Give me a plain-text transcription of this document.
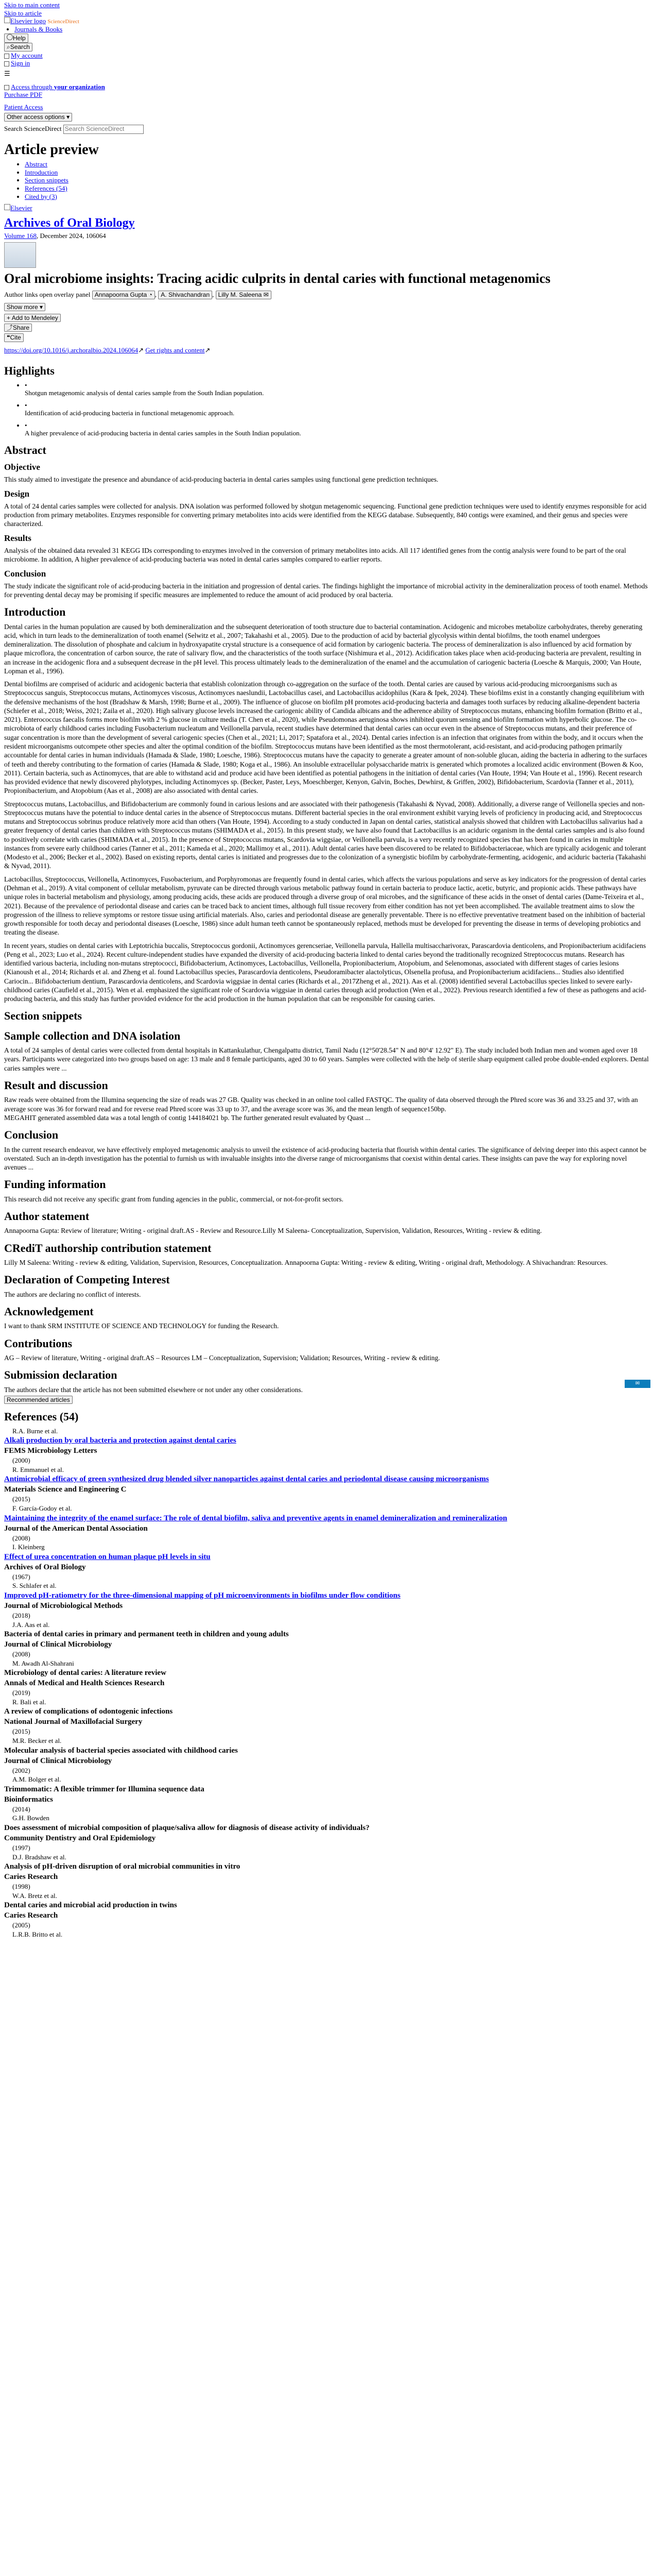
Skip to main content
Skip to article
Elsevier logo ScienceDirect
• Journals & Books
Help
⌕Search
My account
Sign in
☰
Access through your organization
Purchase PDF
Patient Access
Other access options ▾
Search ScienceDirect Search ScienceDirect
Article preview
• Abstract
• Introduction
• Section snippets
• References (54)
• Cited by (3)
Elsevier
Archives of Oral Biology
Volume 168, December 2024, 106064
Oral microbiome insights: Tracing acidic culprits in dental caries with functional metagenomics
Author links open overlay panel Annapoorna Gupta ◔ , A. Shivachandran , Lilly M. Saleena ✉
Show more ▾
+ Add to Mendeley
⤴Share
❝Cite
https://doi.org/10.1016/j.archoralbio.2024.106064↗ Get rights and content↗
Highlights
• •
Shotgun metagenomic analysis of dental caries sample from the South Indian population.
• •
Identification of acid-producing bacteria in functional metagenomic approach.
• •
A higher prevalence of acid-producing bacteria in dental caries samples in the South Indian population.
Abstract
Objective

This study aimed to investigate the presence and abundance of acid-producing bacteria in dental caries samples using functional gene prediction techniques.

Design

A total of 24 dental caries samples were collected for analysis. DNA isolation was performed followed by shotgun metagenomic sequencing. Functional gene prediction techniques were used to identify enzymes responsible for acid production from primary metabolites. Enzymes responsible for converting primary metabolites into acids were identified from the KEGG database. Subsequently, 840 contigs were examined, and their genus and species were characterized.

Results

Analysis of the obtained data revealed 31 KEGG IDs corresponding to enzymes involved in the conversion of primary metabolites into acids. All 117 identified genes from the contig analysis were found to be part of the oral microbiome. In addition, A higher prevalence of acid-producing bacteria was noted in dental caries samples compared to earlier reports.

Conclusion

The study indicate the significant role of acid-producing bacteria in the initiation and progression of dental caries. The findings highlight the importance of microbial activity in the demineralization process of tooth enamel. Methods for preventing dental decay may be promising if specific measures are implemented to reduce the amount of acid produced by oral bacteria.

Introduction

Dental caries in the human population are caused by both demineralization and the subsequent deterioration of tooth structure due to bacterial contamination. Acidogenic and microbes metabolize carbohydrates, thereby generating acid, which in turn leads to the demineralization of tooth enamel (Selwitz et al., 2007; Takahashi et al., 2005). Due to the production of acid by bacterial glycolysis within dental biofilms, the tooth enamel undergoes demineralization. The dissolution of phosphate and calcium in hydroxyapatite crystal structure is a consequence of acid formation by cariogenic bacteria. The process of demineralization is also influenced by acid formation by plaque microflora, the concentration of carbon source, the rate of salivary flow, and the characteristics of the tooth surface (Nishimura et al., 2012). Acidification takes place when acid-producing bacteria are prevalent, resulting in an increase in the acidogenic flora and a subsequent decrease in the pH level. This process ultimately leads to the demineralization of the enamel and the accumulation of cariogenic bacteria (Loesche & Marquis, 2000; Van Houte, Lopman et al., 1996).

Dental biofilms are comprised of aciduric and acidogenic bacteria that establish colonization through co-aggregation on the surface of the tooth. Dental caries are caused by various acid-producing microorganisms such as Streptococcus sanguis, Streptococcus mutans, Actinomyces viscosus, Actinomyces naeslundii, Lactobacillus casei, and Lactobacillus acidophilus (Kara & Ipek, 2024). These biofilms exist in a constantly changing equilibrium with the defensive mechanisms of the host (Bradshaw & Marsh, 1998; Burne et al., 2009). The influence of glucose on biofilm pH promotes acid-producing bacteria and damages tooth surfaces by reducing alkaline-dependent bacteria (Schiefer et al., 2018; Weiss, 2021; Zaila et al., 2020). High salivary glucose levels increased the cariogenic ability of Candida albicans and the adherence ability of Streptococcus mutans, enhancing biofilm formation (Britto et al., 2021). Enterococcus faecalis forms more biofilm with 2 % glucose in culture media (T. Chen et al., 2020), while Pseudomonas aeruginosa shows inhibited quorum sensing and biofilm formation with hyperbolic glucose. The co-microbiota of early childhood caries including Fusobacterium nucleatum and Veillonella parvula, recent studies have determined that dental caries can occur even in the absence of Streptococcus mutans, and their preference of sugar concentration is more than the development of several cariogenic species (Chen et al., 2021; Li, 2017; Spatafora et al., 2024). Dental caries infection is an infection that originates from within the body, and it occurs when the resident microorganisms outcompete other species and alter the optimal condition of the biofilm. Streptococcus mutans have been identified as the most thermotolerant, acid-resistant, and acid-producing pathogen primarily accountable for dental caries in human individuals (Hamada & Slade, 1980; Loesche, 1986). Streptococcus mutans have the capacity to generate a greater amount of non-soluble glucan, aiding the bacteria in adhering to the surfaces of teeth and thereby contributing to the formation of caries (Hamada & Slade, 1980; Koga et al., 1986). An insoluble extracellular polysaccharide matrix is generated which promotes a localized acidic environment (Bowen & Koo, 2011). Certain bacteria, such as Actinomyces, that are able to withstand acid and produce acid have been identified as potential pathogens in the initiation of dental caries (Van Houte, 1994; Van Houte et al., 1996). Recent research has provided evidence that newly discovered phylotypes, including Actinomyces sp. (Becker, Paster, Leys, Moeschberger, Kenyon, Galvin, Boches, Dewhirst, & Griffen, 2002), Bifidobacterium, Scardovia (Tanner et al., 2011), Propionibacterium, and Atopobium (Aas et al., 2008) are also associated with dental caries.

Streptococcus mutans, Lactobacillus, and Bifidobacterium are commonly found in carious lesions and are associated with their pathogenesis (Takahashi & Nyvad, 2008). Additionally, a diverse range of Veillonella species and non-Streptococcus mutans have the potential to induce dental caries in the absence of Streptococcus mutans. Different bacterial species in the oral environment exhibit varying levels of proficiency in producing acid, and Streptococcus mutans and Streptococcus sobrinus produce relatively more acid than others (Van Houte, 1994). According to a study conducted in Japan on dental caries, statistical analysis showed that children with Lactobacillus salivarius had a greater frequency of dental caries than children with Streptococcus mutans (SHIMADA et al., 2015). In this present study, we have also found that Lactobacillus is an aciduric organism in the dental caries samples and is also found to positively correlate with caries (SHIMADA et al., 2015). In the presence of Streptococcus mutans, Scardovia wiggsiae, or Veillonella parvula, is a very recently recognized species that has been found in caries in multiple instances from severe early childhood caries (Tanner et al., 2011; Kameda et al., 2020; Mallimoy et al., 2011). Adult dental caries have been discovered to be related to Bifidobacteriaceae, which are typically acidogenic and tolerant (Modesto et al., 2006; Becker et al., 2002). Based on existing reports, dental caries is initiated and progresses due to the colonization of a synergistic biofilm by carbohydrate-fermenting, acidogenic, and aciduric bacteria (Takahashi & Nyvad, 2011).

Lactobacillus, Streptococcus, Veillonella, Actinomyces, Fusobacterium, and Porphyromonas are frequently found in dental caries, which affects the various populations and serve as key indicators for the progression of dental caries (Dehman et al., 2019). A vital component of cellular metabolism, pyruvate can be directed through various metabolic pathway found in certain bacteria to produce lactic, acetic, butyric, and propionic acids. These pathways have unique roles in bacterial metabolism and physiology, among producing acids, these acids are produced through a diverse group of oral microbes, and the significance of these acids in the onset of dental caries (Dame-Teixeira et al., 2021). Because of the prevalence of periodontal disease and caries can be traced back to ancient times, although full tissue recovery from either condition has not yet been accomplished. The available treatment aims to slow the progression of the illness to relieve symptoms or restore tissue using artificial materials. Also, caries and periodontal disease are generally preventable. There is no effective preventative treatment based on the inhibition of bacterial growth responsible for tooth decay and periodontal diseases (Loesche, 1986) since adult human teeth cannot be spontaneously replaced, methods must be developed for preventing the disease in terms of developing probiotics and treating the disease.

In recent years, studies on dental caries with Leptotrichia buccalis, Streptococcus gordonii, Actinomyces gerencseriae, Veillonella parvula, Hallella multisaccharivorax, Parascardovia denticolens, and Propionibacterium acidifaciens (Peng et al., 2023; Luo et al., 2024). Recent culture-independent studies have expanded the diversity of acid-producing bacteria linked to dental caries beyond the traditionally recognized Streptococcus mutans. Research has identified various bacteria, including non-mutans streptococci, Bifidobacterium, Actinomyces, Lactobacillus, Veillonella, Propionibacterium, Atopobium, and Selenomonas, associated with different stages of caries lesions (Kianoush et al., 2014; Richards et al. and Zheng et al. found Lactobacillus species, Parascardovia denticolens, Pseudoramibacter alactolyticus, Olsenella profusa, and Propionibacterium acidifaciens... Studies also identified Cariocin... Bifidobacterium dentium, Parascardovia denticolens, and Scardovia wiggsiae in dental caries (Richards et al., 2017Zheng et al., 2021). Aas et al. (2008) identified several Lactobacillus species linked to severe early-childhood caries (Caufield et al., 2015). Wen et al. emphasized the significant role of Scardovia wiggsiae in dental caries through acid production (Wen et al., 2022). Previous research identified a few of these as pathogens and acid-producing bacteria, and this study has further provided evidence for the acid production in the human population that can be responsible for causing caries.

Section snippets
Sample collection and DNA isolation

A total of 24 samples of dental caries were collected from dental hospitals in Kattankulathur, Chengalpattu district, Tamil Nadu (12°50'28.54" N and 80°4' 12.92" E). The study included both Indian men and women aged over 18 years. Participants were categorized into two groups based on age: 13 male and 8 female participants, aged 30 to 60 years. Samples were collected with the help of sterile sharp equipment called probe double-ended explorers. Dental caries samples were ...

Result and discussion

Raw reads were obtained from the Illumina sequencing the size of reads was 27 GB. Quality was checked in an online tool called FASTQC. The quality of data observed through the Phred score was 36 and 33.25 and 37, with an average score was 36 for forward read and for reverse read Phred score was 33 up to 37, and the average score was 36, and the mean length of sequence150bp.
MEGAHIT generated assembled data was a total length of contig 144184021 bp. The further generated result evaluated by Quast ...

Conclusion

In the current research endeavor, we have effectively employed metagenomic analysis to unveil the existence of acid-producing bacteria that flourish within dental caries. The significance of delving deeper into this aspect cannot be overstated. Such an in-depth investigation has the potential to furnish us with invaluable insights into the diverse range of microorganisms that coexist within dental caries. These insights can pave the way for exploring novel avenues ...

Funding information

This research did not receive any specific grant from funding agencies in the public, commercial, or not-for-profit sectors.

Author statement

Annapoorna Gupta: Review of literature; Writing - original draft.AS - Review and Resource.Lilly M Saleena- Conceptualization, Supervision, Validation, Resources, Writing - review & editing.

CRediT authorship contribution statement

Lilly M Saleena: Writing - review & editing, Validation, Supervision, Resources, Conceptualization. Annapoorna Gupta: Writing - review & editing, Writing - original draft, Methodology. A Shivachandran: Resources.

Declaration of Competing Interest

The authors are declaring no conflict of interests.

Acknowledgement

I want to thank SRM INSTITUTE OF SCIENCE AND TECHNOLOGY for funding the Research.

Contributions

AG – Review of literature, Writing - original draft.AS – Resources LM – Conceptualization, Supervision; Validation; Resources, Writing - review & editing.

Submission declaration

The authors declare that the article has not been submitted elsewhere or not under any other considerations.

Recommended articles
References (54)
R.A. Burne et al.
Alkali production by oral bacteria and protection against dental caries
FEMS Microbiology Letters
(2000)
R. Emmanuel et al.
Antimicrobial efficacy of green synthesized drug blended silver nanoparticles against dental caries and periodontal disease causing microorganisms
Materials Science and Engineering C
(2015)
F. García-Godoy et al.
Maintaining the integrity of the enamel surface: The role of dental biofilm, saliva and preventive agents in enamel demineralization and remineralization
Journal of the American Dental Association
(2008)
I. Kleinberg
Effect of urea concentration on human plaque pH levels in situ
Archives of Oral Biology
(1967)
S. Schlafer et al.
Improved pH-ratiometry for the three-dimensional mapping of pH microenvironments in biofilms under flow conditions
Journal of Microbiological Methods
(2018)
J.A. Aas et al.
Bacteria of dental caries in primary and permanent teeth in children and young adults
Journal of Clinical Microbiology
(2008)
M. Awadh Al-Shahrani
Microbiology of dental caries: A literature review
Annals of Medical and Health Sciences Research
(2019)
R. Bali et al.
A review of complications of odontogenic infections
National Journal of Maxillofacial Surgery
(2015)
M.R. Becker et al.
Molecular analysis of bacterial species associated with childhood caries
Journal of Clinical Microbiology
(2002)
A.M. Bolger et al.
Trimmomatic: A flexible trimmer for Illumina sequence data
Bioinformatics
(2014)
G.H. Bowden
Does assessment of microbial composition of plaque/saliva allow for diagnosis of disease activity of individuals?
Community Dentistry and Oral Epidemiology
(1997)
D.J. Bradshaw et al.
Analysis of pH-driven disruption of oral microbial communities in vitro
Caries Research
(1998)
W.A. Bretz et al.
Dental caries and microbial acid production in twins
Caries Research
(2005)
L.R.B. Britto et al.
✉ FEEDBACK
